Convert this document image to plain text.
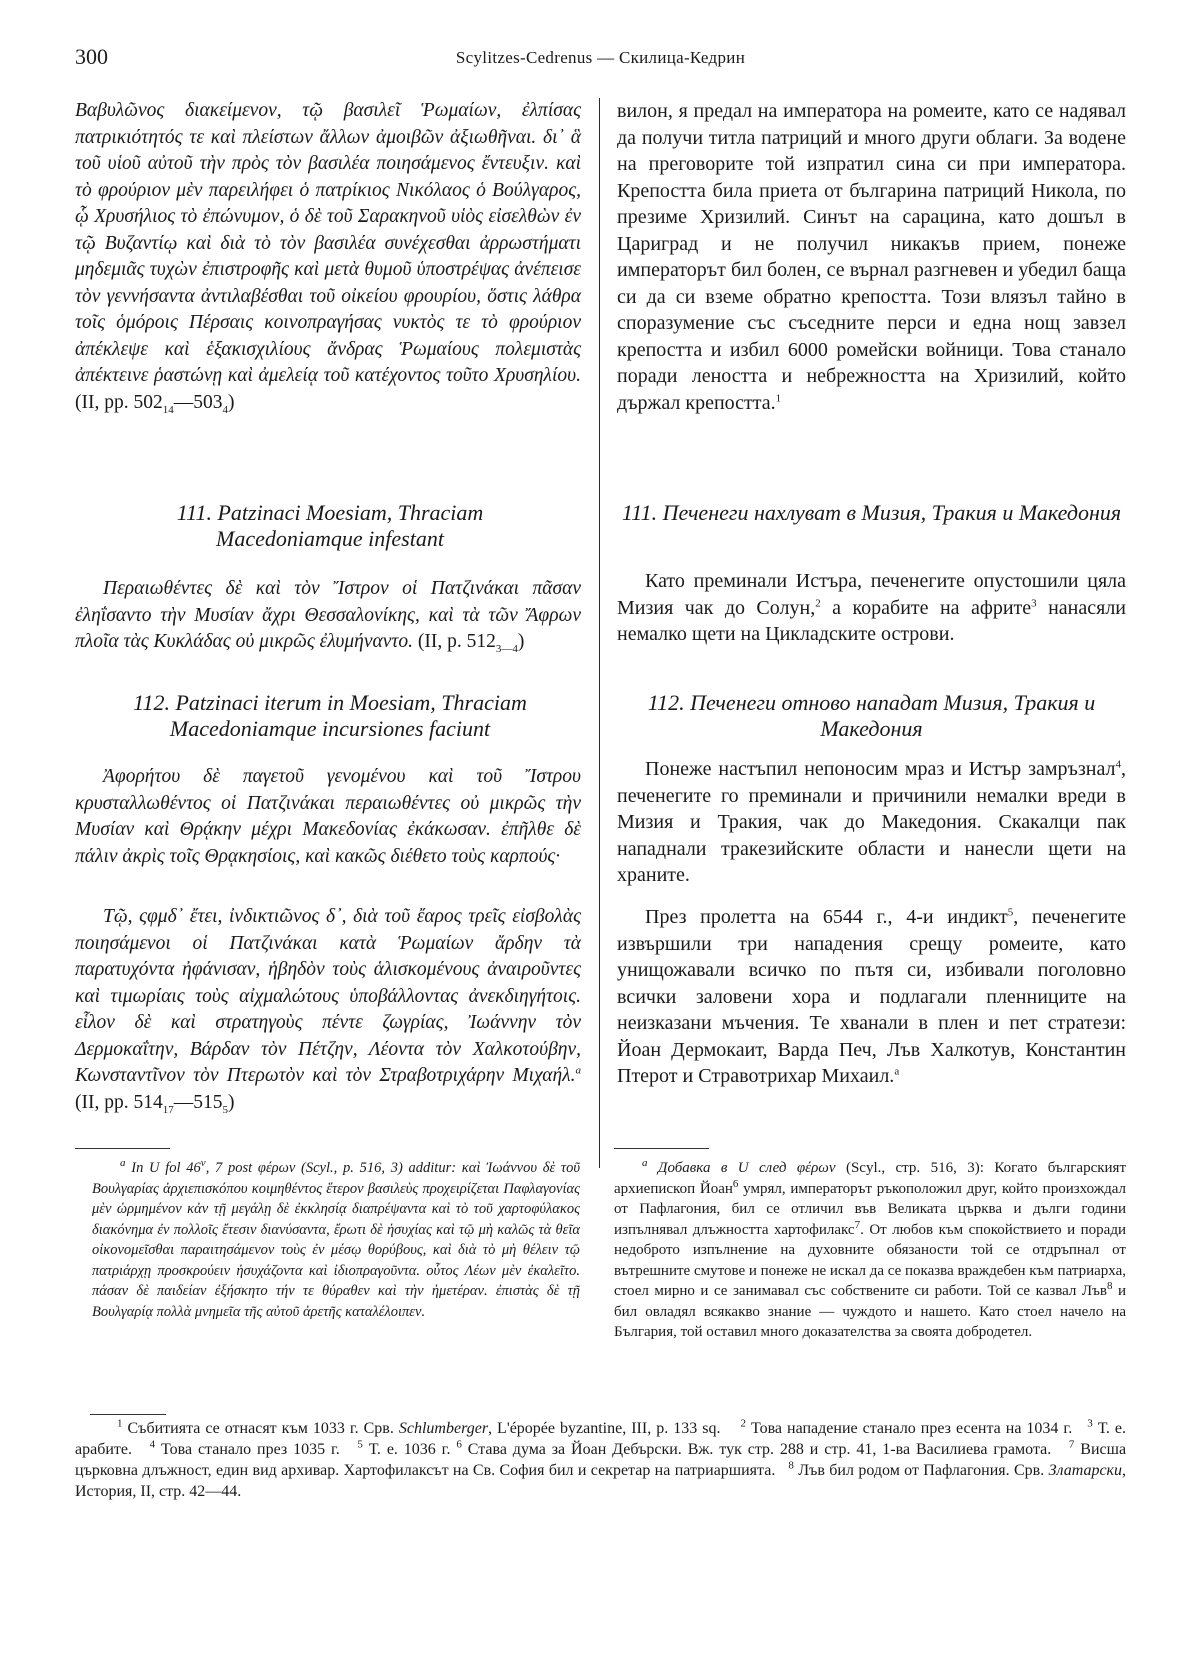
300	Scylitzes-Cedrenus — Скилица-Кедрин

Βαβυλῶνος διακείμενον, τῷ βασιλεῖ Ῥωμαίων, ἐλπίσας πατρικιότητός τε καὶ πλείστων ἄλλων ἀμοιβῶν ἀξιωθῆναι. δι᾽ ἃ τοῦ υἱοῦ αὐτοῦ τὴν πρὸς τὸν βασιλέα ποιησάμενος ἔντευξιν. καὶ τὸ φρούριον μὲν παρειλήφει ὁ πατρίκιος Νικόλαος ὁ Βούλγαρος, ᾧ Χρυσήλιος τὸ ἐπώνυμον, ὁ δὲ τοῦ Σαρακηνοῦ υἱὸς εἰσελθὼν ἐν τῷ Βυζαντίῳ καὶ διὰ τὸ τὸν βασιλέα συνέχεσθαι ἀρρωστήματι μηδεμιᾶς τυχὼν ἐπιστροφῆς καὶ μετὰ θυμοῦ ὑποστρέψας ἀνέπεισε τὸν γεννήσαντα ἀντιλαβέσθαι τοῦ οἰκείου φρουρίου, ὅστις λάθρα τοῖς ὁμόροις Πέρσαις κοινοπραγήσας νυκτὸς τε τὸ φρούριον ἀπέκλεψε καὶ ἑξακισχιλίους ἄνδρας Ῥωμαίους πολεμιστὰς ἀπέκτεινε ῥαστώνῃ καὶ ἀμελείᾳ τοῦ κατέχοντος τοῦτο Χρυσηλίου. (II, pp. $502_{14}—503_4$)

111. Patzinaci Moesiam, Thraciam Macedoniamque infestant

Περαιωθέντες δὲ καὶ τὸν Ἴστρον οἱ Πατζινάκαι πᾶσαν ἐληΐσαντο τὴν Μυσίαν ἄχρι Θεσσαλονίκης, καὶ τὰ τῶν Ἄφρων πλοῖα τὰς Κυκλάδας οὐ μικρῶς ἐλυμήναντο. (II, p. $512_{3—4}$)

112. Patzinaci iterum in Moesiam, Thraciam Macedoniamque incursiones faciunt

Ἀφορήτου δὲ παγετοῦ γενομένου καὶ τοῦ Ἴστρου κρυσταλλωθέντος οἱ Πατζινάκαι περαιωθέντες οὐ μικρῶς τὴν Μυσίαν καὶ Θρᾴκην μέχρι Μακεδονίας ἐκάκωσαν. ἐπῆλθε δὲ πάλιν ἀκρὶς τοῖς Θρᾳκησίοις, καὶ κακῶς διέθετο τοὺς καρπούς·

Τῷ, ςφμδ᾽ ἔτει, ἰνδικτιῶνος δ᾽, διὰ τοῦ ἔαρος τρεῖς εἰσβολὰς ποιησάμενοι οἱ Πατζινάκαι κατὰ Ῥωμαίων ἄρδην τὰ παρατυχόντα ἠφάνισαν, ἡβηδὸν τοὺς ἁλισκομένους ἀναιροῦντες καὶ τιμωρίαις τοὺς αἰχμαλώτους ὑποβάλλοντας ἀνεκδιηγήτοις. εἷλον δὲ καὶ στρατηγοὺς πέντε ζωγρίας, Ἰωάννην τὸν Δερμοκαΐτην, Βάρδαν τὸν Πέτζην, Λέοντα τὸν Χαλκοτούβην, Κωνσταντῖνον τὸν Πτερωτὸν καὶ τὸν Στραβοτριχάρην Μιχαήλ.$^a$ (II, pp. $514_{17}—515_5$)

вилон, я предал на императора на ромеите, като се надявал да получи титла патриций и много други облаги. За водене на преговорите той изпратил сина си при императора. Крепостта била приета от българина патриций Никола, по презиме Хризилий. Синът на сарацина, като дошъл в Цариград и не получил никакъв прием, понеже императорът бил болен, се върнал разгневен и убедил баща си да си вземе обратно крепостта. Този влязъл тайно в споразумение със съседните перси и една нощ завзел крепостта и избил 6000 ромейски войници. Това станало поради леността и небрежността на Хризилий, който държал крепостта.$^1$

111. Печенеги нахлуват в Мизия, Тракия и Македония

Като преминали Истъра, печенегите опустошили цяла Мизия чак до Солун,$^2$ а корабите на африте$^3$ нанасяли немалко щети на Цикладските острови.

112. Печенеги отново нападат Мизия, Тракия и Македония

Понеже настъпил непоносим мраз и Истър замръзнал$^4$, печенегите го преминали и причинили немалки вреди в Мизия и Тракия, чак до Македония. Скакалци пак нападнали тракезийските области и нанесли щети на храните.

През пролетта на 6544 г., 4-и индикт$^5$, печенегите извършили три нападения срещу ромеите, като унищожавали всичко по пътя си, избивали поголовно всички заловени хора и подлагали пленниците на неизказани мъчения. Те хванали в плен и пет стратези: Йоан Дермокаит, Варда Печ, Лъв Халкотув, Константин Птерот и Стравотрихар Михаил.$^a$

$^a$ In U fol 46$^v$, 7 post φέρων (Scyl., p. 516, 3) additur: καὶ Ἰωάννου δὲ τοῦ Βουλγαρίας ἀρχιεπισκόπου κοιμηθέντος ἕτερον βασιλεὺς προχειρίζεται Παφλαγονίας μὲν ὡρμημένον κἀν τῇ μεγάλῃ δὲ ἐκκλησίᾳ διαπρέψαντα καὶ τὸ τοῦ χαρτοφύλακος διακόνημα ἐν πολλοῖς ἔτεσιν διανύσαντα, ἔρωτι δὲ ἡσυχίας καὶ τῷ μὴ καλῶς τὰ θεῖα οἰκονομεῖσθαι παραιτησάμενον τοὺς ἐν μέσῳ θορύβους, καὶ διὰ τὸ μὴ θέλειν τῷ πατριάρχῃ προσκρούειν ἡσυχάζοντα καὶ ἰδιοπραγοῦντα. οὗτος Λέων μὲν ἐκαλεῖτο. πάσαν δὲ παιδείαν ἐξήσκητο τήν τε θύραθεν καὶ τὴν ἡμετέραν. ἐπιστὰς δὲ τῇ Βουλγαρίᾳ πολλὰ μνημεῖα τῆς αὐτοῦ ἀρετῆς καταλέλοιπεν.

$^a$ Добавка в U след φέρων (Scyl., стр. 516, 3): Когато българският архиепископ Йоан$^6$ умрял, императорът ръкоположил друг, който произхождал от Пафлагония, бил се отличил във Великата църква и дълги години изпълнявал длъжността хартофилакс$^7$. От любов към спокойствието и поради недоброто изпълнение на духовните обязаности той се отдръпнал от вътрешните смутове и понеже не искал да се показва враждебен към патриарха, стоел мирно и се занимавал със собствените си работи. Той се казвал Лъв$^8$ и бил овладял всякакво знание — чуждото и нашето. Като стоел начело на България, той оставил много доказателства за своята добродетел.

$^1$ Събитията се отнасят към 1033 г. Срв. Schlumberger, L'épopée byzantine, III, p. 133 sq. $^2$ Това нападение станало през есента на 1034 г. $^3$ Т. е. арабите. $^4$ Това станало през 1035 г. $^5$ Т. е. 1036 г. $^6$ Става дума за Йоан Дебърски. Вж. тук стр. 288 и стр. 41, 1-ва Василиева грамота. $^7$ Висша църковна длъжност, един вид архивар. Хартофилаксът на Св. София бил и секретар на патриаршията. $^8$ Лъв бил родом от Пафлагония. Срв. Златарски, История, II, стр. 42—44.
